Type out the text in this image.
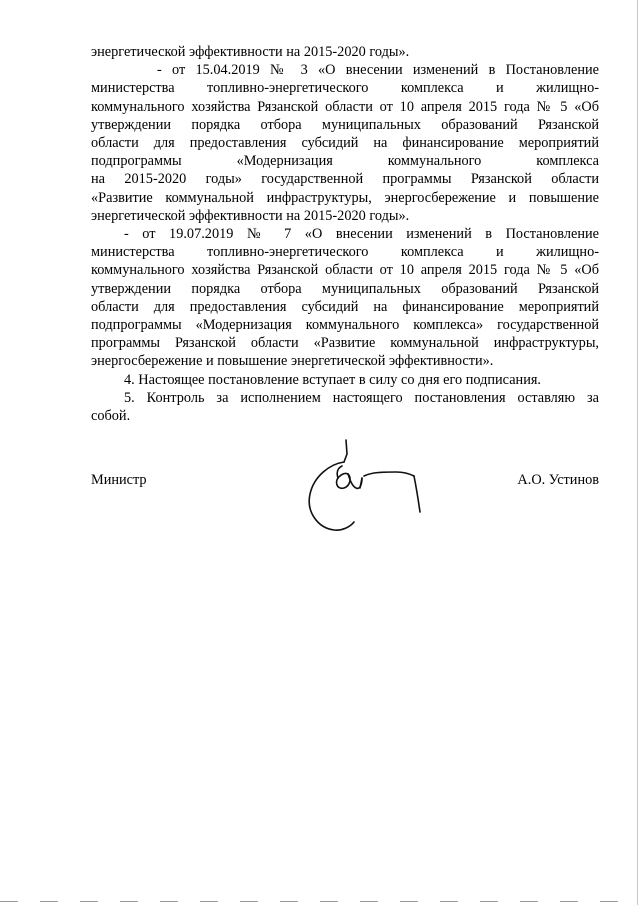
энергетической эффективности на 2015-2020 годы».
- от 15.04.2019 № 3 «О внесении изменений в Постановление
министерства топливно-энергетического комплекса и жилищно-
коммунального хозяйства Рязанской области от 10 апреля 2015 года № 5 «Об
утверждении порядка отбора муниципальных образований Рязанской
области для предоставления субсидий на финансирование мероприятий
подпрограммы «Модернизация коммунального комплекса
на 2015-2020 годы» государственной программы Рязанской области
«Развитие коммунальной инфраструктуры, энергосбережение и повышение
энергетической эффективности на 2015-2020 годы».
- от 19.07.2019 № 7 «О внесении изменений в Постановление
министерства топливно-энергетического комплекса и жилищно-
коммунального хозяйства Рязанской области от 10 апреля 2015 года № 5 «Об
утверждении порядка отбора муниципальных образований Рязанской
области для предоставления субсидий на финансирование мероприятий
подпрограммы «Модернизация коммунального комплекса» государственной
программы Рязанской области «Развитие коммунальной инфраструктуры,
энергосбережение и повышение энергетической эффективности».
4. Настоящее постановление вступает в силу со дня его подписания.
5. Контроль за исполнением настоящего постановления оставляю за
собой.
Министр	А.О. Устинов
